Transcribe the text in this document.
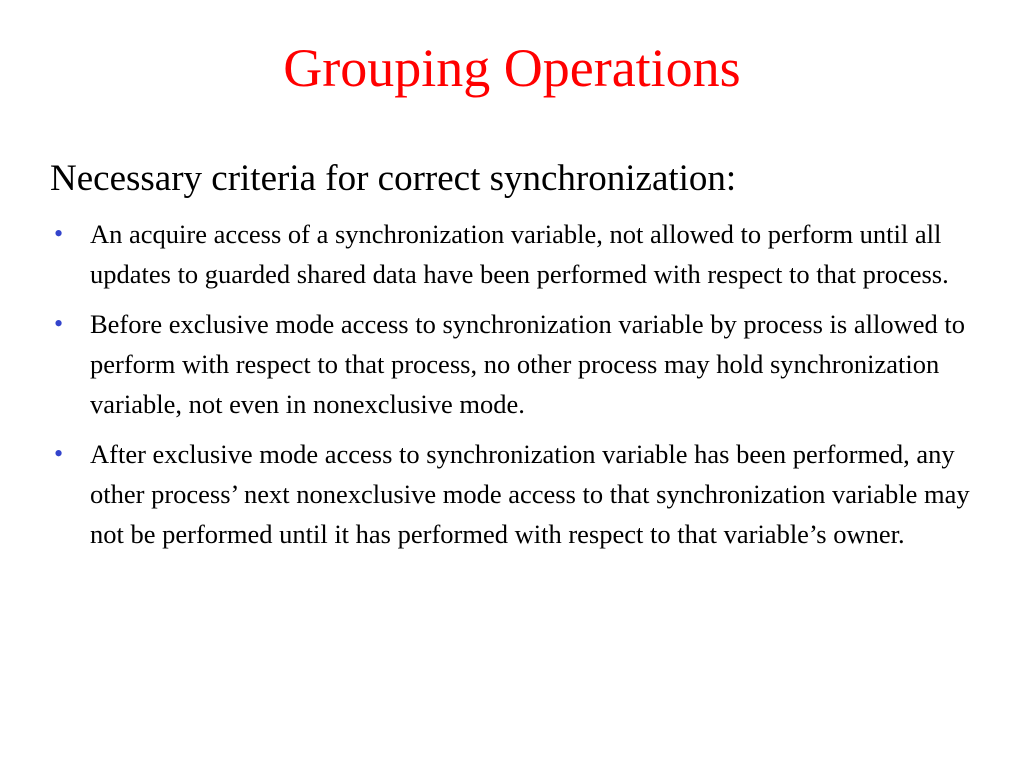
Grouping Operations

Necessary criteria for correct synchronization:

• An acquire access of a synchronization variable, not allowed to perform until all updates to guarded shared data have been performed with respect to that process.
• Before exclusive mode access to synchronization variable by process is allowed to perform with respect to that process, no other process may hold synchronization variable, not even in nonexclusive mode.
• After exclusive mode access to synchronization variable has been performed, any other process’ next nonexclusive mode access to that synchronization variable may not be performed until it has performed with respect to that variable’s owner.
